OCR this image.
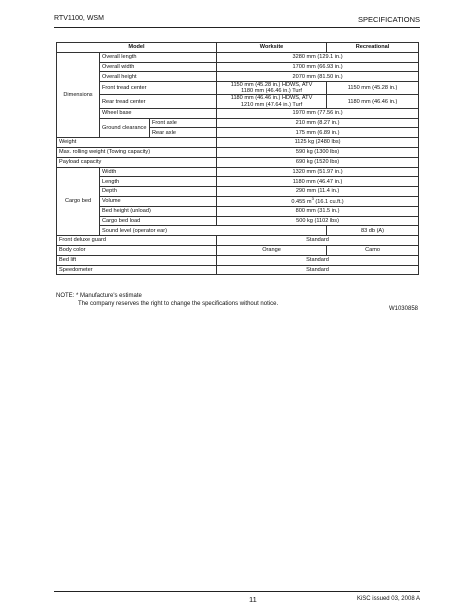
RTV1100, WSM	SPECIFICATIONS
Model			Worksite	Recreational
Dimensions	Overall length		3280 mm (129.1 in.)	
	Overall width		1700 mm (66.93 in.)	
	Overall height		2070 mm (81.50 in.)	
	Front tread center		1150 mm (45.28 in.) HDWS, ATV
1180 mm (46.46 in.) Turf	1150 mm (45.28 in.)
	Rear tread center		1180 mm (46.46 in.) HDWS, ATV
1210 mm (47.64 in.) Turf	1180 mm (46.46 in.)
	Wheel base		1970 mm (77.56 in.)	
	Ground clearance	Front axle	210 mm (8.27 in.)	
		Rear axle	175 mm (6.89 in.)	
Weight			1125 kg (2480 lbs)	
Max. rolling weight (Towing capacity)			590 kg (1300 lbs)	
Payload capacity			690 kg (1520 lbs)	
Cargo bed	Width		1320 mm (51.97 in.)	
	Length		1180 mm (46.47 in.)	
	Depth		290 mm (11.4 in.)	
	Volume		0.455 $m^3$ (16.1 cu.ft.)	
	Bed height (unload)		800 mm (31.5 in.)	
	Cargo bed load		500 kg (1102 lbs)	
	Sound level (operator ear)			83 db (A)
Front deluxe guard			Standard	
Body color			Orange	Camo
Bed lift			Standard	
Speedometer			Standard	
NOTE: * Manufacture's estimate
The company reserves the right to change the specifications without notice.
W1030858
11	KiSC issued 03, 2008 A
